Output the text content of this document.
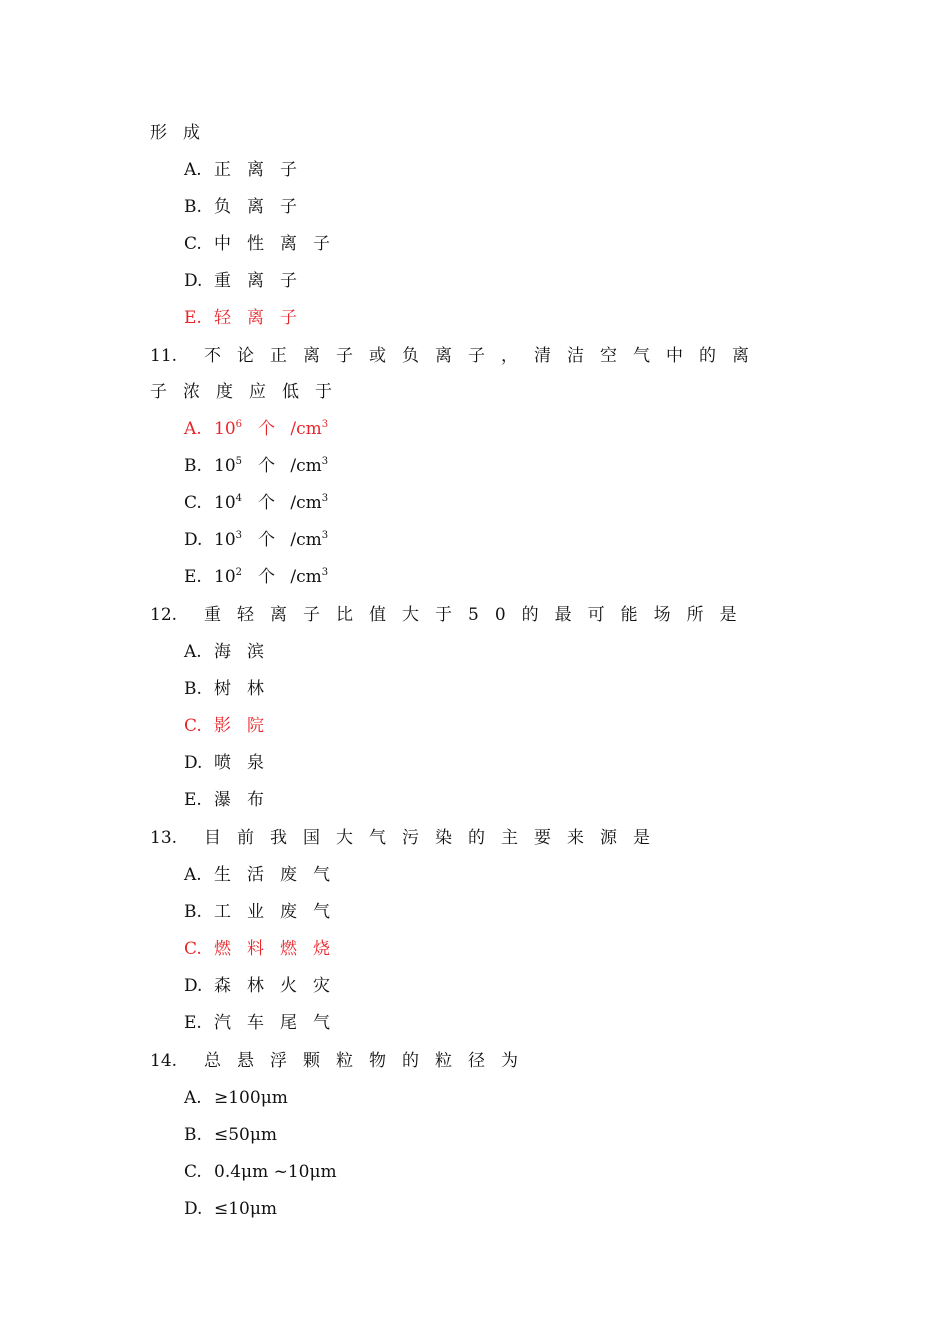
形成
A. 正离子
B. 负离子
C. 中性离子
D. 重离子
E. 轻离子
11. 不论正离子或负离子，清洁空气中的离
子浓度应低于
A. $10^6$ 个 $/cm^3$
B. $10^5$ 个 $/cm^3$
C. $10^4$ 个 $/cm^3$
D. $10^3$ 个 $/cm^3$
E. $10^2$ 个 $/cm^3$
12. 重轻离子比值大于50的最可能场所是
A. 海滨
B. 树林
C. 影院
D. 喷泉
E. 瀑布
13. 目前我国大气污染的主要来源是
A. 生活废气
B. 工业废气
C. 燃料燃烧
D. 森林火灾
E. 汽车尾气
14. 总悬浮颗粒物的粒径为
A. ≥100μm
B. ≤50μm
C. 0.4μm ~10μm
D. ≤10μm
